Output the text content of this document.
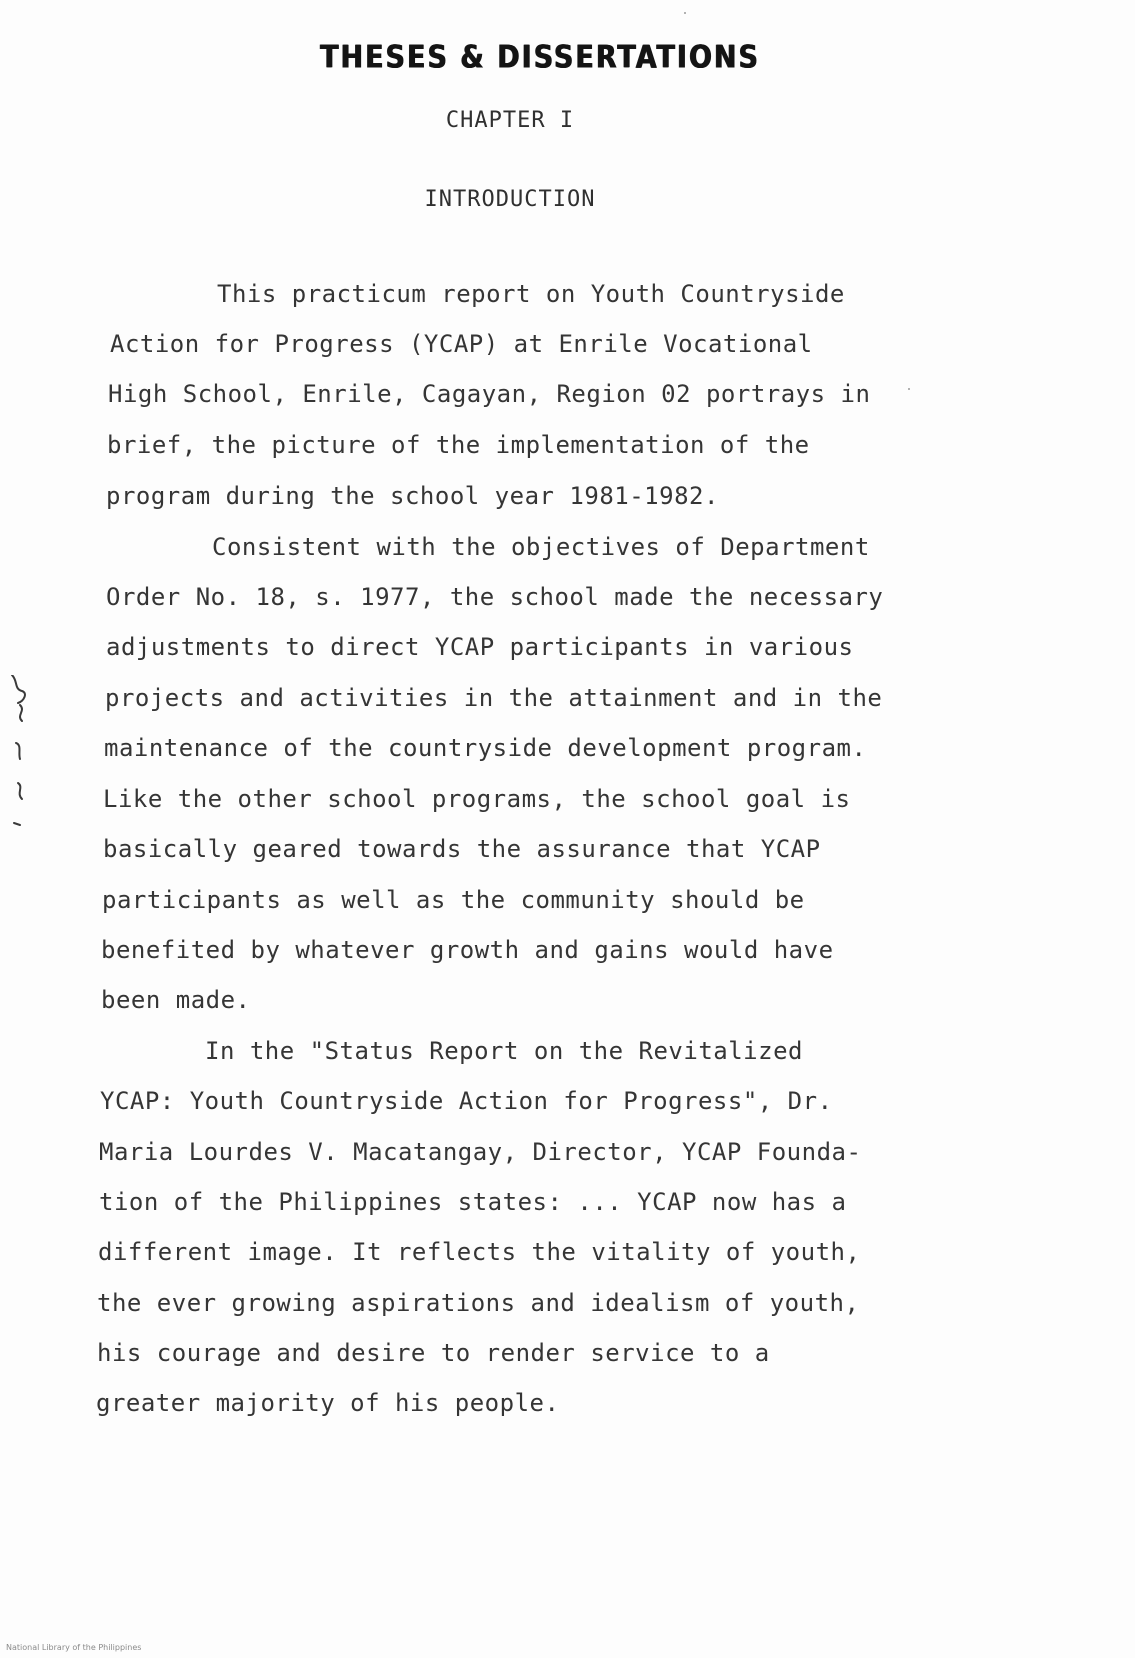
THESES & DISSERTATIONS
CHAPTER I
INTRODUCTION
This practicum report on Youth Countryside
Action for Progress (YCAP) at Enrile Vocational
High School, Enrile, Cagayan, Region 02 portrays in
brief, the picture of the implementation of the
program during the school year 1981-1982.
Consistent with the objectives of Department
Order No. 18, s. 1977, the school made the necessary
adjustments to direct YCAP participants in various
projects and activities in the attainment and in the
maintenance of the countryside development program.
Like the other school programs, the school goal is
basically geared towards the assurance that YCAP
participants as well as the community should be
benefited by whatever growth and gains would have
been made.
In the "Status Report on the Revitalized
YCAP: Youth Countryside Action for Progress", Dr.
Maria Lourdes V. Macatangay, Director, YCAP Founda-
tion of the Philippines states: ... YCAP now has a
different image. It reflects the vitality of youth,
the ever growing aspirations and idealism of youth,
his courage and desire to render service to a
greater majority of his people.
National Library of the Philippines
